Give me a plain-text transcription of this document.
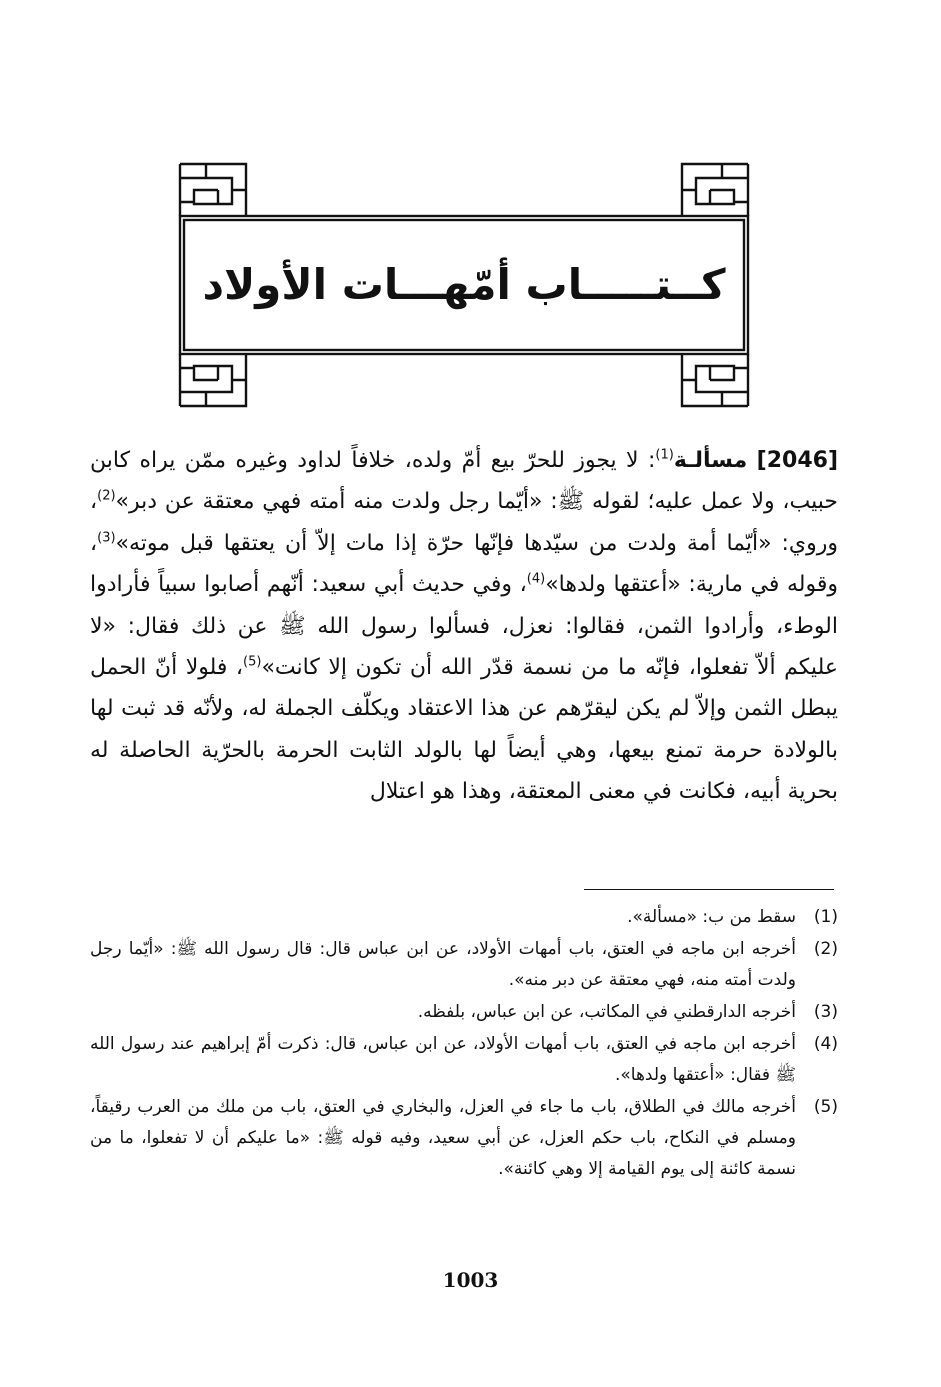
كــتـــــاب أمّهـــات الأولاد

[2046] مسألـة$^{(1)}$: لا يجوز للحرّ بيع أمّ ولده، خلافاً لداود وغيره ممّن يراه كابن حبيب، ولا عمل عليه؛ لقوله ﷺ: «أيّما رجل ولدت منه أمته فهي معتقة عن دبر»$^{(2)}$، وروي: «أيّما أمة ولدت من سيّدها فإنّها حرّة إذا مات إلاّ أن يعتقها قبل موته»$^{(3)}$، وقوله في مارية: «أعتقها ولدها»$^{(4)}$، وفي حديث أبي سعيد: أنّهم أصابوا سبياً فأرادوا الوطء، وأرادوا الثمن، فقالوا: نعزل، فسألوا رسول الله ﷺ عن ذلك فقال: «لا عليكم ألاّ تفعلوا، فإنّه ما من نسمة قدّر الله أن تكون إلا كانت»$^{(5)}$، فلولا أنّ الحمل يبطل الثمن وإلاّ لم يكن ليقرّهم عن هذا الاعتقاد ويكلّف الجملة له، ولأنّه قد ثبت لها بالولادة حرمة تمنع بيعها، وهي أيضاً لها بالولد الثابت الحرمة بالحرّية الحاصلة له بحرية أبيه، فكانت في معنى المعتقة، وهذا هو اعتلال

(1)
سقط من ب: «مسألة».
(2)
أخرجه ابن ماجه في العتق، باب أمهات الأولاد، عن ابن عباس قال: قال رسول الله ﷺ: «أيّما رجل ولدت أمته منه، فهي معتقة عن دبر منه».
(3)
أخرجه الدارقطني في المكاتب، عن ابن عباس، بلفظه.
(4)
أخرجه ابن ماجه في العتق، باب أمهات الأولاد، عن ابن عباس، قال: ذكرت أمّ إبراهيم عند رسول الله ﷺ فقال: «أعتقها ولدها».
(5)
أخرجه مالك في الطلاق، باب ما جاء في العزل، والبخاري في العتق، باب من ملك من العرب رقيقاً، ومسلم في النكاح، باب حكم العزل، عن أبي سعيد، وفيه قوله ﷺ: «ما عليكم أن لا تفعلوا، ما من نسمة كائنة إلى يوم القيامة إلا وهي كائنة».
1003
